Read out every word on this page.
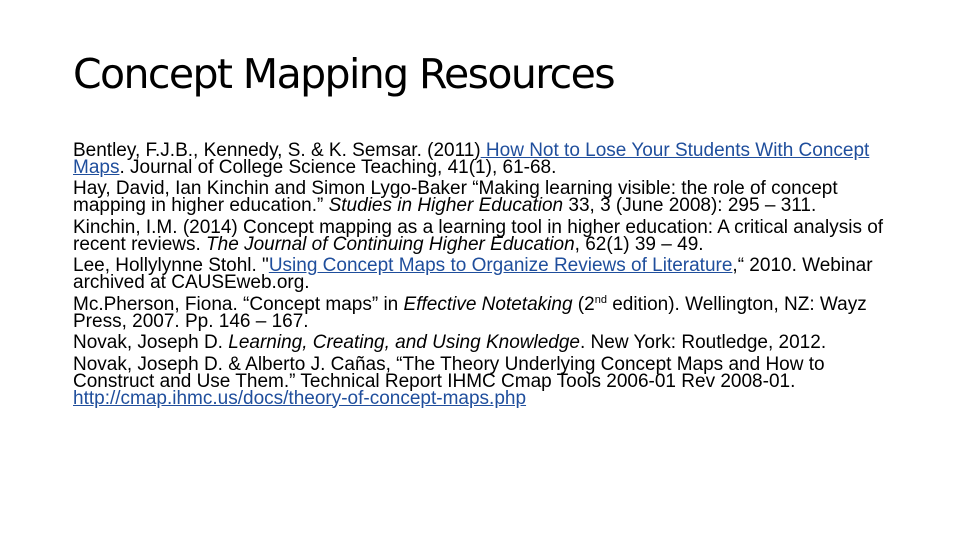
Concept Mapping Resources

Bentley, F.J.B., Kennedy, S. & K. Semsar. (2011) How Not to Lose Your Students With Concept Maps. Journal of College Science Teaching, 41(1), 61-68.

Hay, David, Ian Kinchin and Simon Lygo-Baker “Making learning visible: the role of concept mapping in higher education.” Studies in Higher Education 33, 3 (June 2008): 295 – 311.

Kinchin, I.M. (2014) Concept mapping as a learning tool in higher education: A critical analysis of recent reviews. The Journal of Continuing Higher Education, 62(1) 39 – 49.

Lee, Hollylynne Stohl. "Using Concept Maps to Organize Reviews of Literature,“ 2010. Webinar archived at CAUSEweb.org.

Mc.Pherson, Fiona. “Concept maps” in Effective Notetaking (2nd edition). Wellington, NZ: Wayz Press, 2007. Pp. 146 – 167.

Novak, Joseph D. Learning, Creating, and Using Knowledge. New York: Routledge, 2012.

Novak, Joseph D. & Alberto J. Cañas, “The Theory Underlying Concept Maps and How to Construct and Use Them.” Technical Report IHMC Cmap Tools 2006-01 Rev 2008-01. http://cmap.ihmc.us/docs/theory-of-concept-maps.php
